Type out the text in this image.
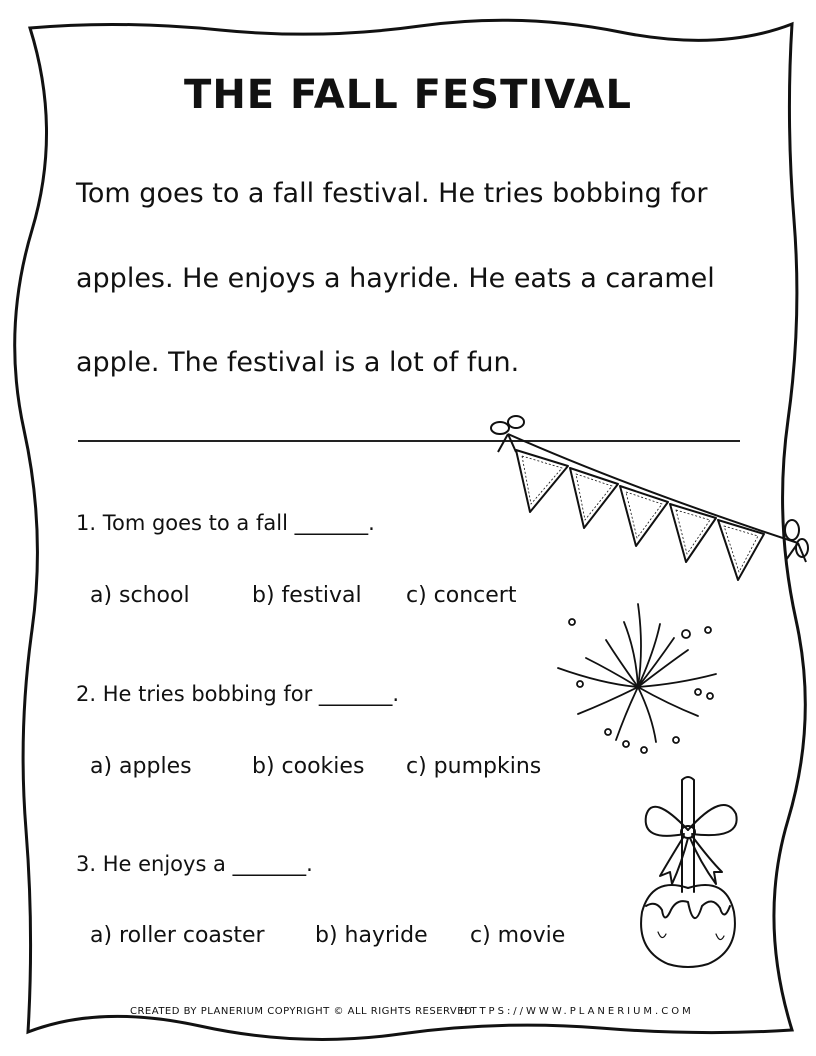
THE FALL FESTIVAL
Tom goes to a fall festival. He tries bobbing for
apples. He enjoys a hayride. He eats a caramel
apple. The festival is a lot of fun.
1. Tom goes to a fall _______.
a) school	b) festival c) concert
2. He tries bobbing for _______.
a) apples	b) cookies c) pumpkins
3. He enjoys a _______.
a) roller coaster b) hayride c) movie
CREATED BY PLANERIUM COPYRIGHT © ALL RIGHTS RESERVED
HTTPS://WWW.PLANERIUM.COM
